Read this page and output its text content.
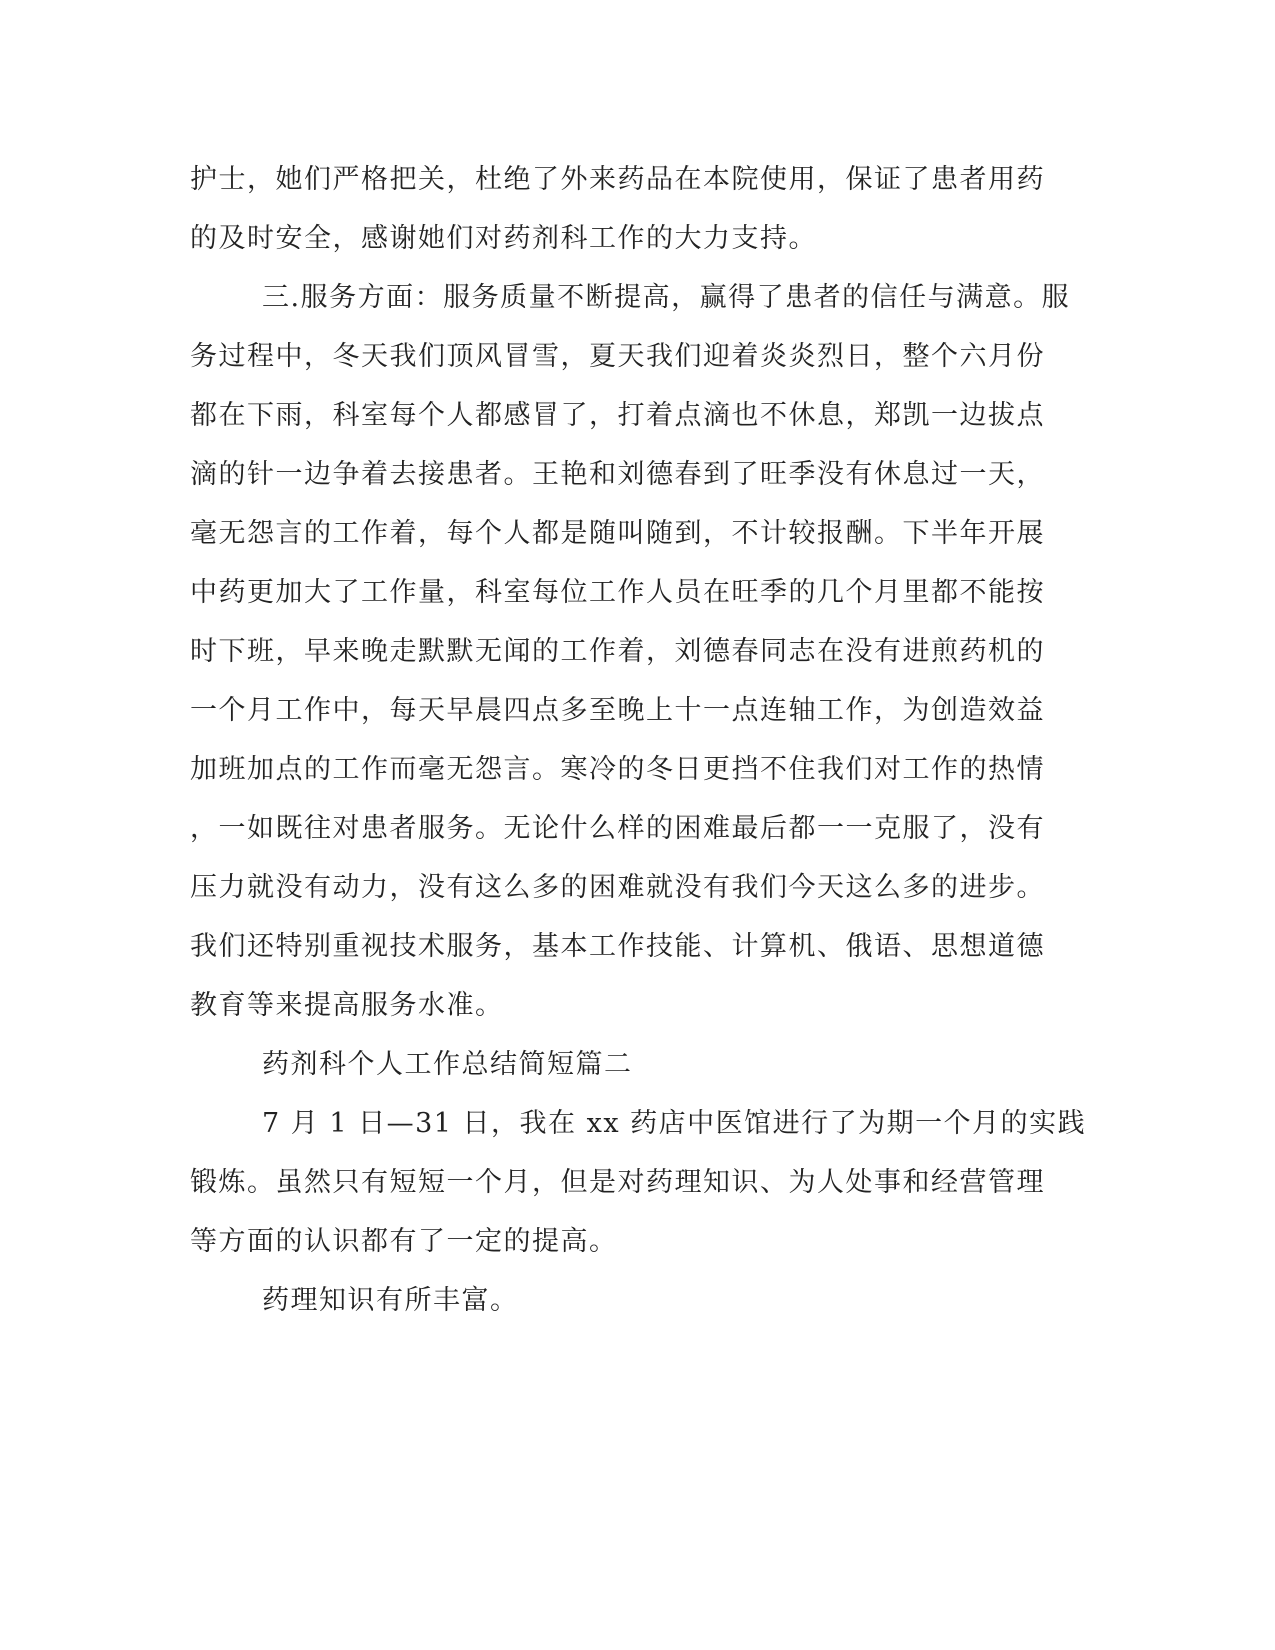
护士，她们严格把关，杜绝了外来药品在本院使用，保证了患者用药

的及时安全，感谢她们对药剂科工作的大力支持。

三.服务方面：服务质量不断提高，赢得了患者的信任与满意。服

务过程中，冬天我们顶风冒雪，夏天我们迎着炎炎烈日，整个六月份

都在下雨，科室每个人都感冒了，打着点滴也不休息，郑凯一边拔点

滴的针一边争着去接患者。王艳和刘德春到了旺季没有休息过一天，

毫无怨言的工作着，每个人都是随叫随到，不计较报酬。下半年开展

中药更加大了工作量，科室每位工作人员在旺季的几个月里都不能按

时下班，早来晚走默默无闻的工作着，刘德春同志在没有进煎药机的

一个月工作中，每天早晨四点多至晚上十一点连轴工作，为创造效益

加班加点的工作而毫无怨言。寒冷的冬日更挡不住我们对工作的热情

，一如既往对患者服务。无论什么样的困难最后都一一克服了，没有

压力就没有动力，没有这么多的困难就没有我们今天这么多的进步。

我们还特别重视技术服务，基本工作技能、计算机、俄语、思想道德

教育等来提高服务水准。

药剂科个人工作总结简短篇二

7 月 1 日—31 日，我在 xx 药店中医馆进行了为期一个月的实践

锻炼。虽然只有短短一个月，但是对药理知识、为人处事和经营管理

等方面的认识都有了一定的提高。

药理知识有所丰富。
